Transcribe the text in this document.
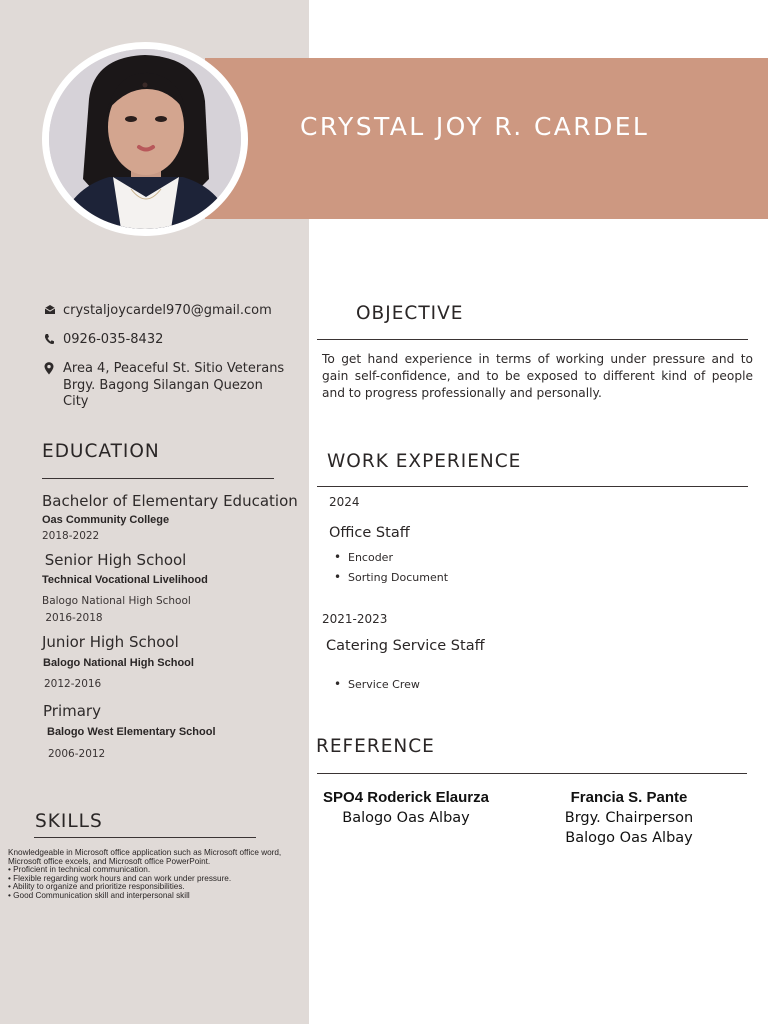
CRYSTAL JOY R. CARDEL
crystaljoycardel970@gmail.com
0926-035-8432
Area 4, Peaceful St. Sitio Veterans
Brgy. Bagong Silangan Quezon
City
EDUCATION
Bachelor of Elementary Education
Oas Community College
2018-2022
Senior High School
Technical Vocational Livelihood
Balogo National High School
2016-2018
Junior High School
Balogo National High School
2012-2016
Primary
Balogo West Elementary School
2006-2012
SKILLS
Knowledgeable in Microsoft office application such as Microsoft office word, Microsoft office excels, and Microsoft office PowerPoint.
• Proficient in technical communication.
• Flexible regarding work hours and can work under pressure.
• Ability to organize and prioritize responsibilities.
• Good Communication skill and interpersonal skill
OBJECTIVE
To get hand experience in terms of working under pressure and to gain self-confidence, and to be exposed to different kind of people and to progress professionally and personally.
WORK EXPERIENCE
2024
Office Staff
• Encoder
• Sorting Document
2021-2023
Catering Service Staff
• Service Crew
REFERENCE
SPO4 Roderick Elaurza
Balogo Oas Albay
Francia S. Pante
Brgy. Chairperson
Balogo Oas Albay
